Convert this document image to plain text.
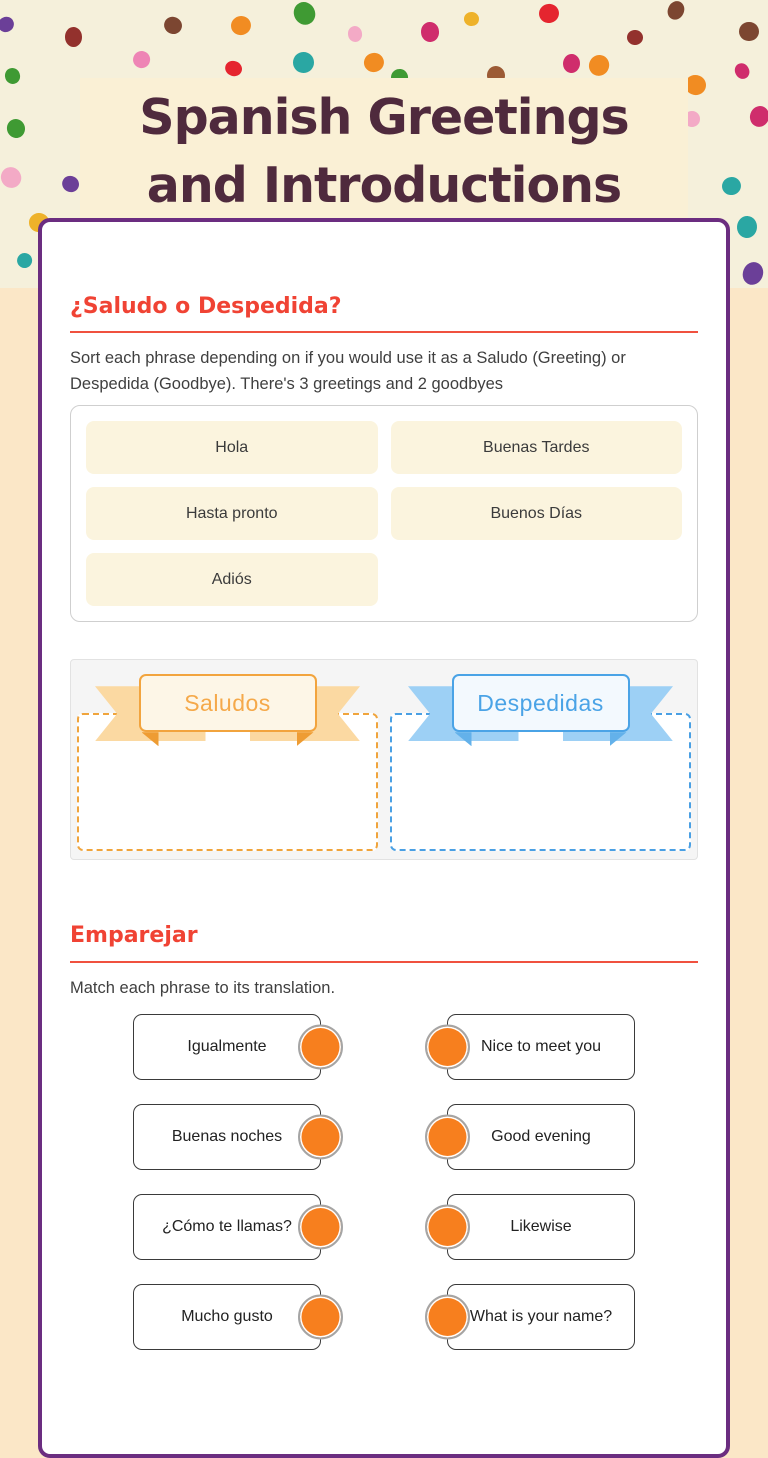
Spanish Greetings and Introductions
¿Saludo o Despedida?

Sort each phrase depending on if you would use it as a Saludo (Greeting) or Despedida (Goodbye). There's 3 greetings and 2 goodbyes

Hola	Buenas Tardes
Hasta pronto	Buenos Días
Adiós
Saludos	Despedidas
Emparejar

Match each phrase to its translation.

Igualmente	Nice to meet you
Buenas noches	Good evening
¿Cómo te llamas?	Likewise
Mucho gusto	What is your name?
